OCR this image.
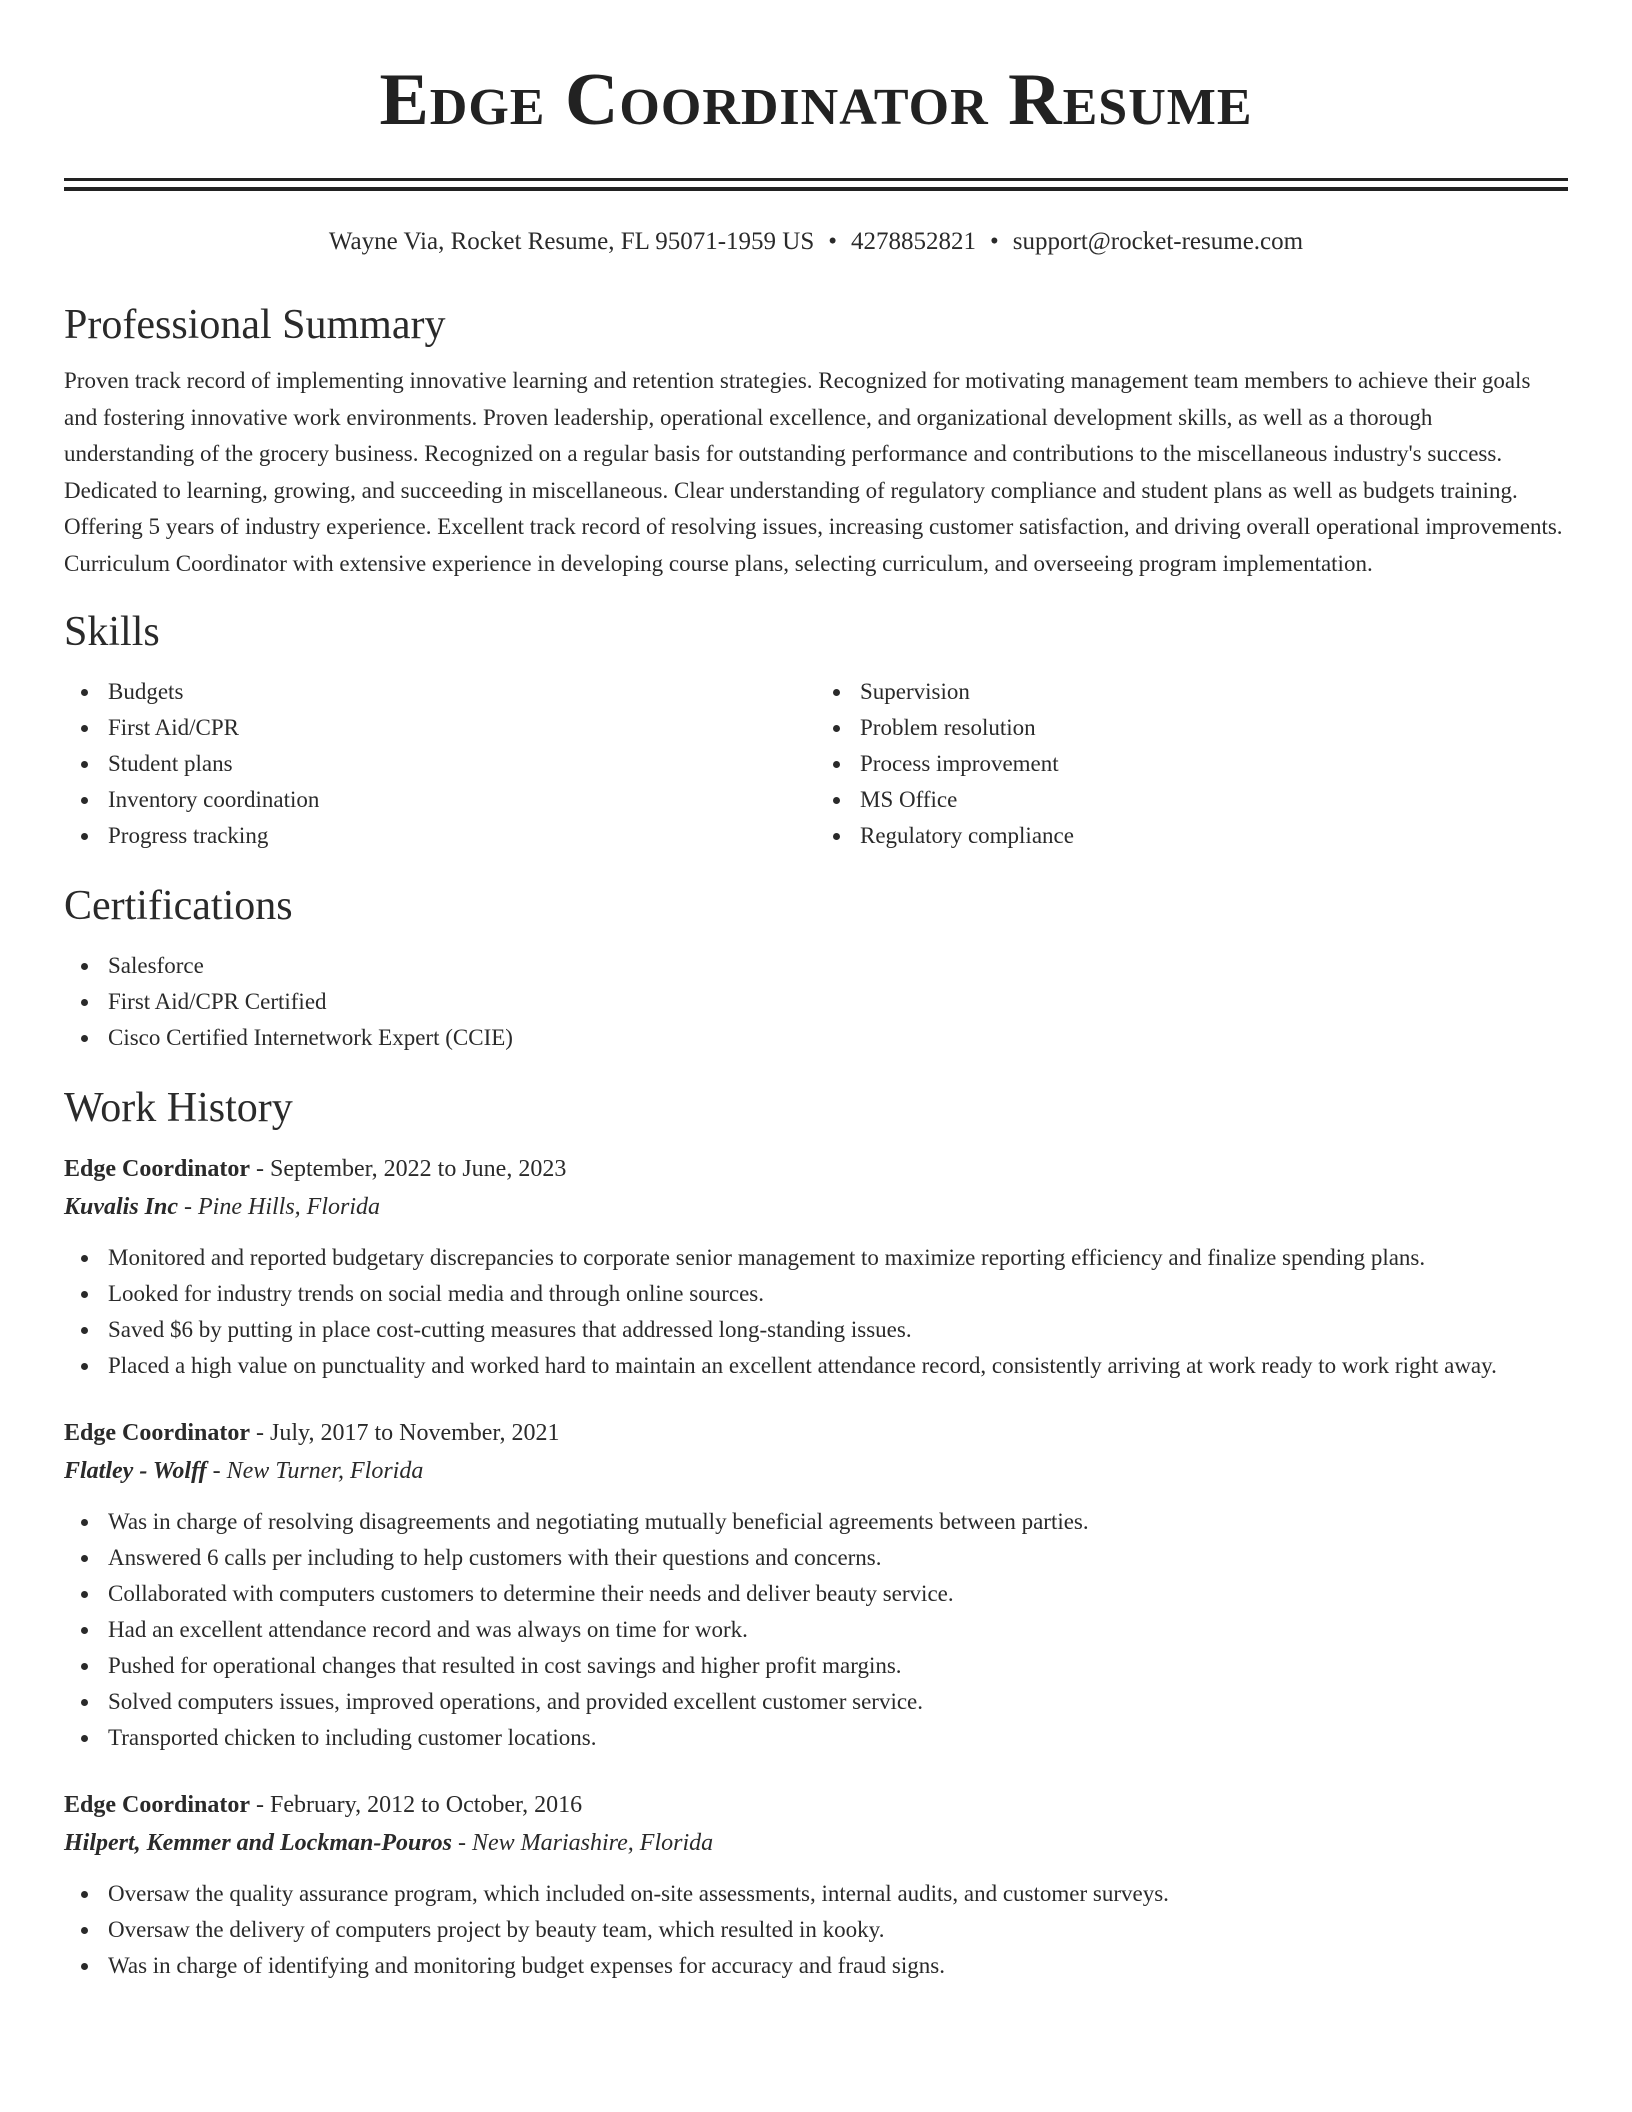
Edge Coordinator Resume
Wayne Via, Rocket Resume, FL 95071-1959 US • 4278852821 • support@rocket-resume.com
Professional Summary

Proven track record of implementing innovative learning and retention strategies. Recognized for motivating management team members to achieve their goals and fostering innovative work environments. Proven leadership, operational excellence, and organizational development skills, as well as a thorough understanding of the grocery business. Recognized on a regular basis for outstanding performance and contributions to the miscellaneous industry's success. Dedicated to learning, growing, and succeeding in miscellaneous. Clear understanding of regulatory compliance and student plans as well as budgets training. Offering 5 years of industry experience. Excellent track record of resolving issues, increasing customer satisfaction, and driving overall operational improvements. Curriculum Coordinator with extensive experience in developing course plans, selecting curriculum, and overseeing program implementation.

Skills
Budgets
First Aid/CPR
Student plans
Inventory coordination
Progress tracking
Supervision
Problem resolution
Process improvement
MS Office
Regulatory compliance
Certifications
Salesforce
First Aid/CPR Certified
Cisco Certified Internetwork Expert (CCIE)
Work History
Edge Coordinator - September, 2022 to June, 2023
Kuvalis Inc - Pine Hills, Florida
Monitored and reported budgetary discrepancies to corporate senior management to maximize reporting efficiency and finalize spending plans.
Looked for industry trends on social media and through online sources.
Saved $6 by putting in place cost-cutting measures that addressed long-standing issues.
Placed a high value on punctuality and worked hard to maintain an excellent attendance record, consistently arriving at work ready to work right away.
Edge Coordinator - July, 2017 to November, 2021
Flatley - Wolff - New Turner, Florida
Was in charge of resolving disagreements and negotiating mutually beneficial agreements between parties.
Answered 6 calls per including to help customers with their questions and concerns.
Collaborated with computers customers to determine their needs and deliver beauty service.
Had an excellent attendance record and was always on time for work.
Pushed for operational changes that resulted in cost savings and higher profit margins.
Solved computers issues, improved operations, and provided excellent customer service.
Transported chicken to including customer locations.
Edge Coordinator - February, 2012 to October, 2016
Hilpert, Kemmer and Lockman-Pouros - New Mariashire, Florida
Oversaw the quality assurance program, which included on-site assessments, internal audits, and customer surveys.
Oversaw the delivery of computers project by beauty team, which resulted in kooky.
Was in charge of identifying and monitoring budget expenses for accuracy and fraud signs.
